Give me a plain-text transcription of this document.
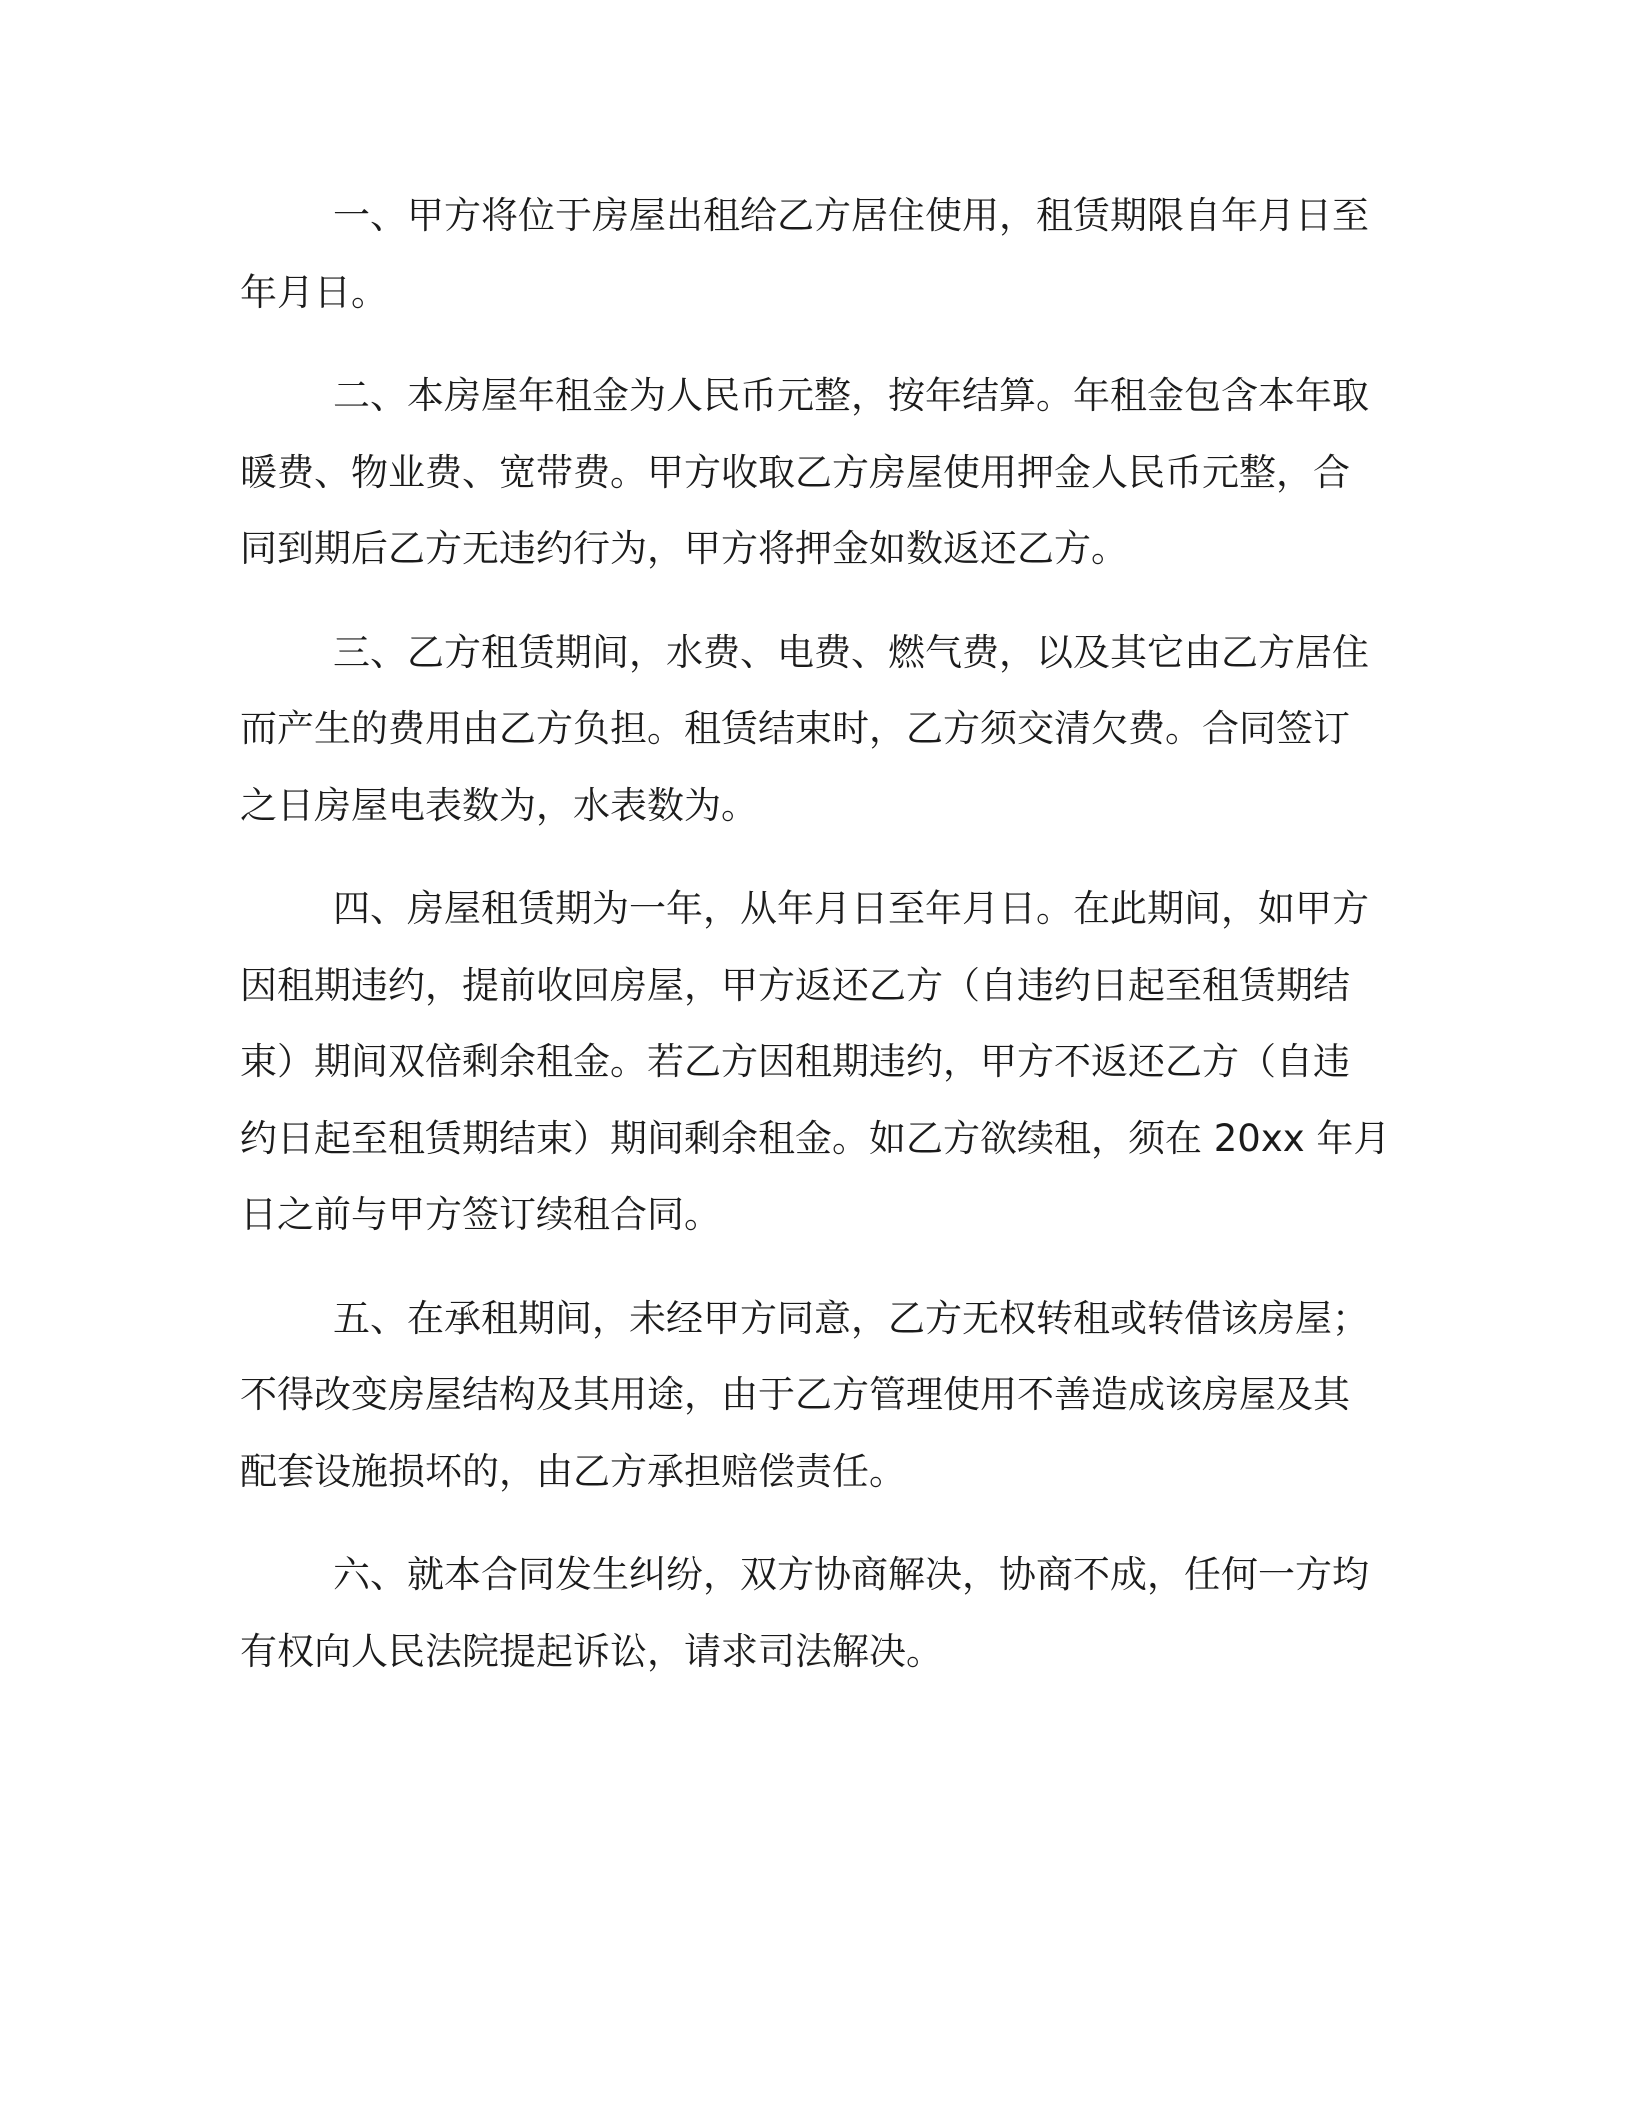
一、甲方将位于房屋出租给乙方居住使用，租赁期限自年月日至
年月日。
二、本房屋年租金为人民币元整，按年结算。年租金包含本年取
暖费、物业费、宽带费。甲方收取乙方房屋使用押金人民币元整，合
同到期后乙方无违约行为，甲方将押金如数返还乙方。
三、乙方租赁期间，水费、电费、燃气费，以及其它由乙方居住
而产生的费用由乙方负担。租赁结束时，乙方须交清欠费。合同签订
之日房屋电表数为，水表数为。
四、房屋租赁期为一年，从年月日至年月日。在此期间，如甲方
因租期违约，提前收回房屋，甲方返还乙方（自违约日起至租赁期结
束）期间双倍剩余租金。若乙方因租期违约，甲方不返还乙方（自违
约日起至租赁期结束）期间剩余租金。如乙方欲续租，须在 20xx 年月
日之前与甲方签订续租合同。
五、在承租期间，未经甲方同意，乙方无权转租或转借该房屋；
不得改变房屋结构及其用途，由于乙方管理使用不善造成该房屋及其
配套设施损坏的，由乙方承担赔偿责任。
六、就本合同发生纠纷，双方协商解决，协商不成，任何一方均
有权向人民法院提起诉讼，请求司法解决。
